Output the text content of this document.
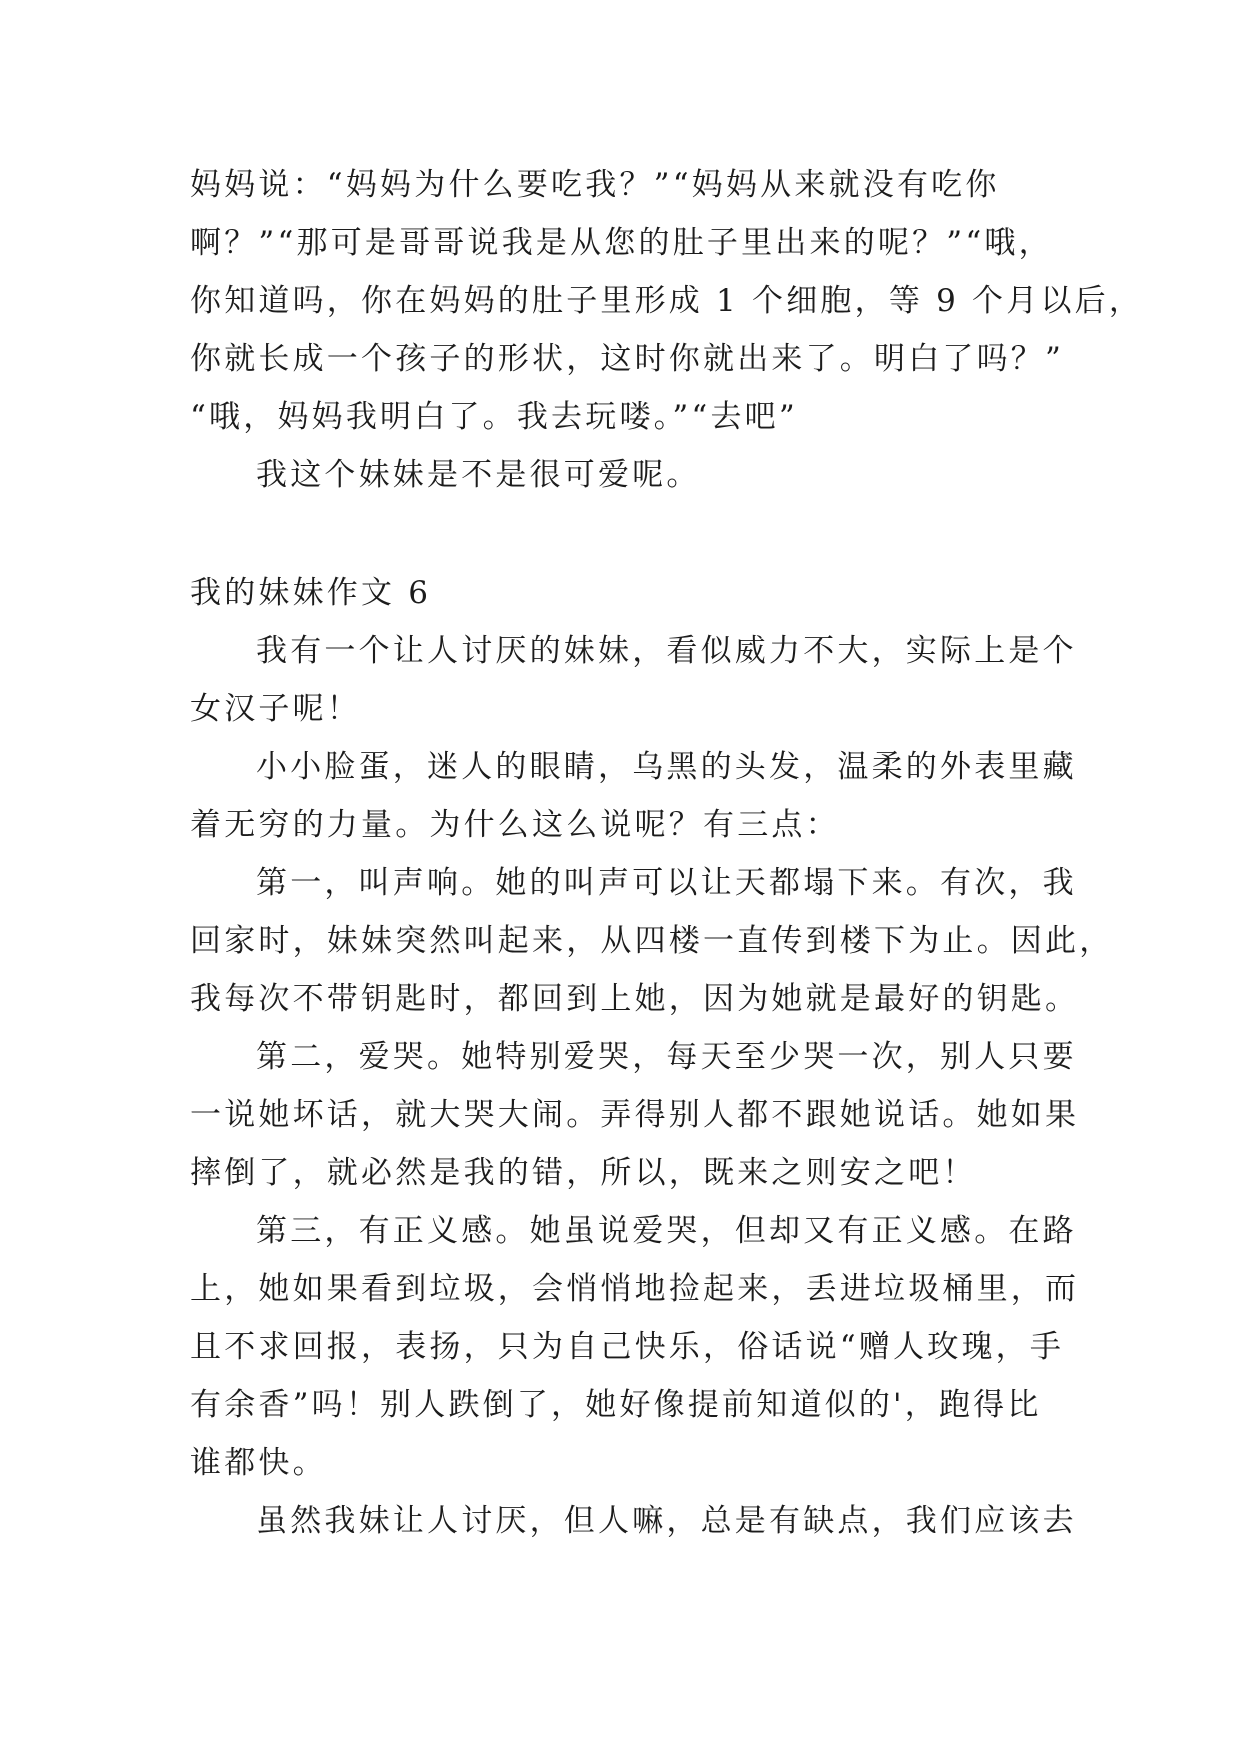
妈妈说：“妈妈为什么要吃我？”“妈妈从来就没有吃你
啊？”“那可是哥哥说我是从您的肚子里出来的呢？”“哦，
你知道吗，你在妈妈的肚子里形成 1 个细胞，等 9 个月以后，
你就长成一个孩子的形状，这时你就出来了。明白了吗？”
“哦，妈妈我明白了。我去玩喽。”“去吧”
我这个妹妹是不是很可爱呢。
我的妹妹作文 6
我有一个让人讨厌的妹妹，看似威力不大，实际上是个
女汉子呢！
小小脸蛋，迷人的眼睛，乌黑的头发，温柔的外表里藏
着无穷的力量。为什么这么说呢？有三点：
第一，叫声响。她的叫声可以让天都塌下来。有次，我
回家时，妹妹突然叫起来，从四楼一直传到楼下为止。因此，
我每次不带钥匙时，都回到上她，因为她就是最好的钥匙。
第二，爱哭。她特别爱哭，每天至少哭一次，别人只要
一说她坏话，就大哭大闹。弄得别人都不跟她说话。她如果
摔倒了，就必然是我的错，所以，既来之则安之吧！
第三，有正义感。她虽说爱哭，但却又有正义感。在路
上，她如果看到垃圾，会悄悄地捡起来，丢进垃圾桶里，而
且不求回报，表扬，只为自己快乐，俗话说“赠人玫瑰，手
有余香”吗！别人跌倒了，她好像提前知道似的'，跑得比
谁都快。
虽然我妹让人讨厌，但人嘛，总是有缺点，我们应该去
